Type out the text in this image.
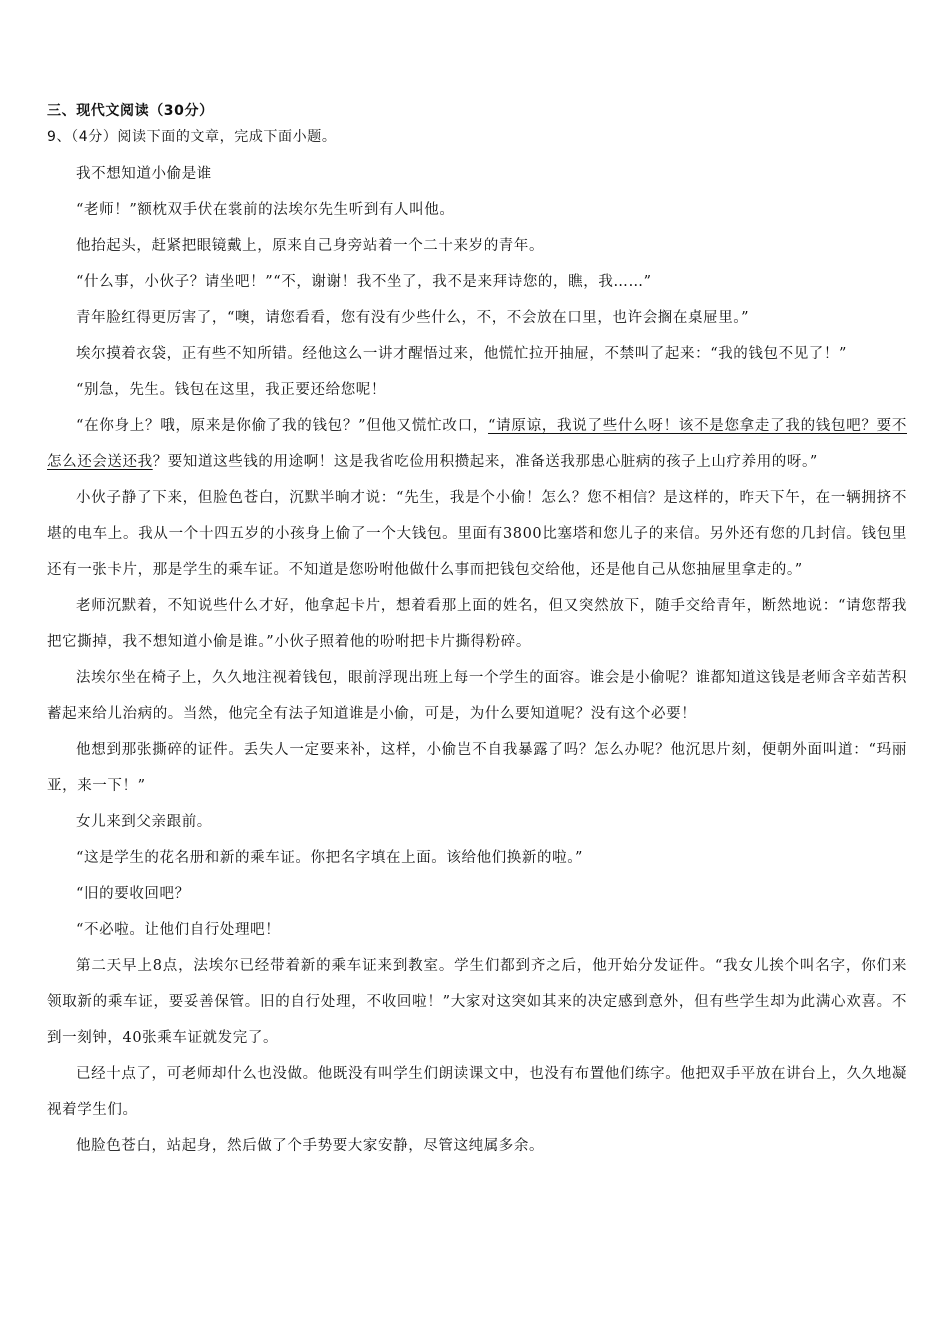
三、现代文阅读（30分）
9、（4分）阅读下面的文章，完成下面小题。

我不想知道小偷是谁

“老师！”额枕双手伏在裳前的法埃尔先生听到有人叫他。

他抬起头，赶紧把眼镜戴上，原来自己身旁站着一个二十来岁的青年。

“什么事，小伙子？请坐吧！”“不，谢谢！我不坐了，我不是来拜诗您的，瞧，我……”

青年脸红得更厉害了，“噢，请您看看，您有没有少些什么，不，不会放在口里，也许会搁在桌屉里。”

埃尔摸着衣袋，正有些不知所错。经他这么一讲才醒悟过来，他慌忙拉开抽屉，不禁叫了起来：“我的钱包不见了！”

“别急，先生。钱包在这里，我正要还给您呢！

“在你身上？哦，原来是你偷了我的钱包？”但他又慌忙改口，“请原谅，我说了些什么呀！该不是您拿走了我的钱包吧？要不怎么还会送还我？要知道这些钱的用途啊！这是我省吃俭用积攒起来，准备送我那患心脏病的孩子上山疗养用的呀。”

小伙子静了下来，但脸色苍白，沉默半晌才说：“先生，我是个小偷！怎么？您不相信？是这样的，昨天下午，在一辆拥挤不堪的电车上。我从一个十四五岁的小孩身上偷了一个大钱包。里面有3800比塞塔和您儿子的来信。另外还有您的几封信。钱包里还有一张卡片，那是学生的乘车证。不知道是您吩咐他做什么事而把钱包交给他，还是他自己从您抽屉里拿走的。”

老师沉默着，不知说些什么才好，他拿起卡片，想着看那上面的姓名，但又突然放下，随手交给青年，断然地说：“请您帮我把它撕掉，我不想知道小偷是谁。”小伙子照着他的吩咐把卡片撕得粉碎。

法埃尔坐在椅子上，久久地注视着钱包，眼前浮现出班上每一个学生的面容。谁会是小偷呢？谁都知道这钱是老师含辛茹苦积蓄起来给儿治病的。当然，他完全有法子知道谁是小偷，可是，为什么要知道呢？没有这个必要！

他想到那张撕碎的证件。丢失人一定要来补，这样，小偷岂不自我暴露了吗？怎么办呢？他沉思片刻，便朝外面叫道：“玛丽亚，来一下！”

女儿来到父亲跟前。

“这是学生的花名册和新的乘车证。你把名字填在上面。该给他们换新的啦。”

“旧的要收回吧？

“不必啦。让他们自行处理吧！

第二天早上8点，法埃尔已经带着新的乘车证来到教室。学生们都到齐之后，他开始分发证件。“我女儿挨个叫名字，你们来领取新的乘车证，要妥善保管。旧的自行处理，不收回啦！”大家对这突如其来的决定感到意外，但有些学生却为此满心欢喜。不到一刻钟，40张乘车证就发完了。

已经十点了，可老师却什么也没做。他既没有叫学生们朗读课文中，也没有布置他们练字。他把双手平放在讲台上，久久地凝视着学生们。

他脸色苍白，站起身，然后做了个手势要大家安静，尽管这纯属多余。
